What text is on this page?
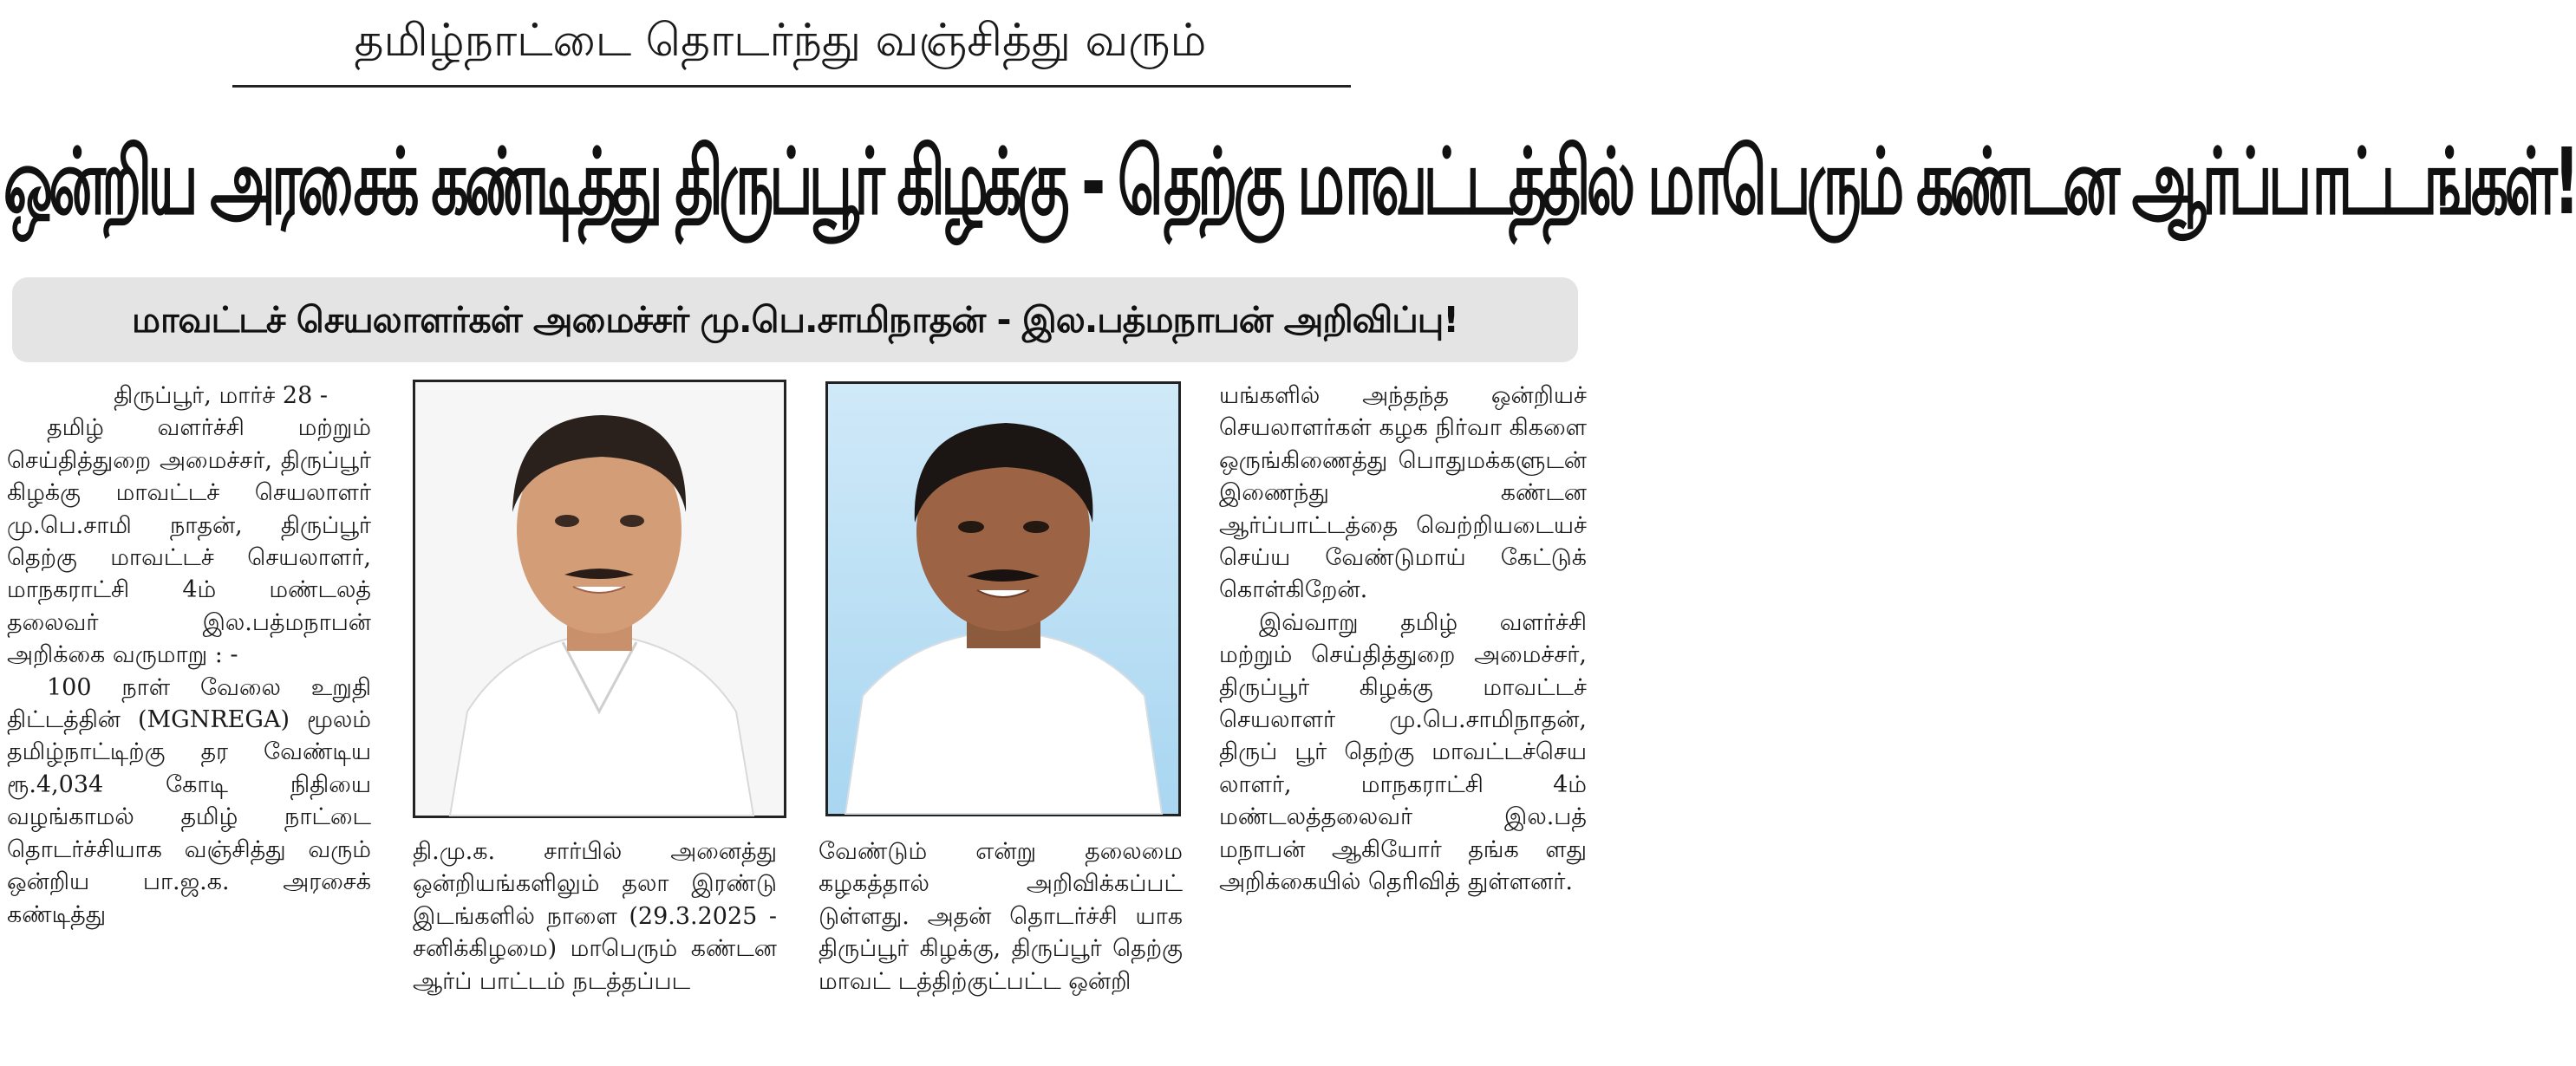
தமிழ்நாட்டை தொடர்ந்து வஞ்சித்து வரும்
ஒன்றிய அரசைக் கண்டித்து திருப்பூர் கிழக்கு - தெற்கு மாவட்டத்தில் மாபெரும் கண்டன ஆர்ப்பாட்டங்கள்!
மாவட்டச் செயலாளர்கள் அமைச்சர் மு.பெ.சாமிநாதன் - இல.பத்மநாபன் அறிவிப்பு!

திருப்பூர், மார்ச் 28 -

தமிழ் வளர்ச்சி மற்றும் செய்தித்துறை அமைச்சர், திருப்பூர் கிழக்கு மாவட்டச் செயலாளர் மு.பெ.சாமி நாதன், திருப்பூர் தெற்கு மாவட்டச் செயலாளர், மாநகராட்சி 4ம் மண்டலத் தலைவர் இல.பத்மநாபன் அறிக்கை வருமாறு : -

100 நாள் வேலை உறுதி திட்டத்தின் (MGNREGA) மூலம் தமிழ்நாட்டிற்கு தர வேண்டிய ரூ.4,034 கோடி நிதியை வழங்காமல் தமிழ் நாட்டை தொடர்ச்சியாக வஞ்சித்து வரும் ஒன்றிய பா.ஜ.க. அரசைக் கண்டித்து

தி.மு.க. சார்பில் அனைத்து ஒன்றியங்களிலும் தலா இரண்டு இடங்களில் நாளை (29.3.2025 - சனிக்கிழமை) மாபெரும் கண்டன ஆர்ப் பாட்டம் நடத்தப்பட

வேண்டும் என்று தலைமை கழகத்தால் அறிவிக்கப்பட் டுள்ளது. அதன் தொடர்ச்சி யாக திருப்பூர் கிழக்கு, திருப்பூர் தெற்கு மாவட் டத்திற்குட்பட்ட ஒன்றி

யங்களில் அந்தந்த ஒன்றியச் செயலாளர்கள் கழக நிர்வா கிகளை ஒருங்கிணைத்து பொதுமக்களுடன் இணைந்து கண்டன ஆர்ப்பாட்டத்தை வெற்றியடையச் செய்ய வேண்டுமாய் கேட்டுக் கொள்கிறேன்.

இவ்வாறு தமிழ் வளர்ச்சி மற்றும் செய்தித்துறை அமைச்சர், திருப்பூர் கிழக்கு மாவட்டச் செயலாளர் மு.பெ.சாமிநாதன், திருப் பூர் தெற்கு மாவட்டச்செய லாளர், மாநகராட்சி 4ம் மண்டலத்தலைவர் இல.பத் மநாபன் ஆகியோர் தங்க ளது அறிக்கையில் தெரிவித் துள்ளனர்.
